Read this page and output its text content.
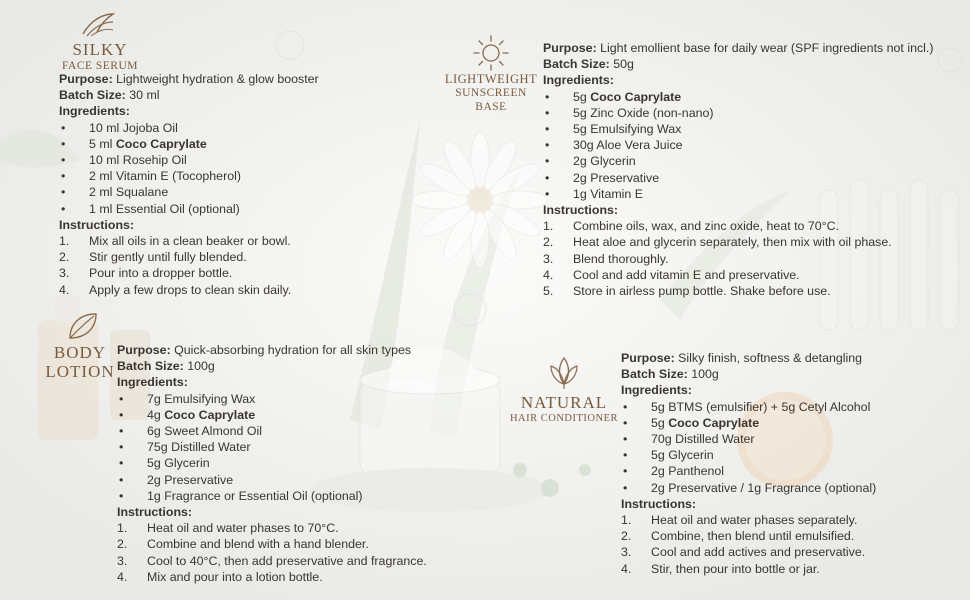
SILKY
FACE SERUM
Purpose: Lightweight hydration & glow booster
Batch Size: 30 ml
Ingredients:
• 10 ml Jojoba Oil
• 5 ml Coco Caprylate
• 10 ml Rosehip Oil
• 2 ml Vitamin E (Tocopherol)
• 2 ml Squalane
• 1 ml Essential Oil (optional)
Instructions:
1. Mix all oils in a clean beaker or bowl.
2. Stir gently until fully blended.
3. Pour into a dropper bottle.
4. Apply a few drops to clean skin daily.
LIGHTWEIGHT
SUNSCREEN
BASE
Purpose: Light emollient base for daily wear (SPF ingredients not incl.)
Batch Size: 50g
Ingredients:
• 5g Coco Caprylate
• 5g Zinc Oxide (non-nano)
• 5g Emulsifying Wax
• 30g Aloe Vera Juice
• 2g Glycerin
• 2g Preservative
• 1g Vitamin E
Instructions:
1. Combine oils, wax, and zinc oxide, heat to 70°C.
2. Heat aloe and glycerin separately, then mix with oil phase.
3. Blend thoroughly.
4. Cool and add vitamin E and preservative.
5. Store in airless pump bottle. Shake before use.
BODY
LOTION
Purpose: Quick-absorbing hydration for all skin types
Batch Size: 100g
Ingredients:
• 7g Emulsifying Wax
• 4g Coco Caprylate
• 6g Sweet Almond Oil
• 75g Distilled Water
• 5g Glycerin
• 2g Preservative
• 1g Fragrance or Essential Oil (optional)
Instructions:
1. Heat oil and water phases to 70°C.
2. Combine and blend with a hand blender.
3. Cool to 40°C, then add preservative and fragrance.
4. Mix and pour into a lotion bottle.
NATURAL
HAIR CONDITIONER
Purpose: Silky finish, softness & detangling
Batch Size: 100g
Ingredients:
• 5g BTMS (emulsifier) + 5g Cetyl Alcohol
• 5g Coco Caprylate
• 70g Distilled Water
• 5g Glycerin
• 2g Panthenol
• 2g Preservative / 1g Fragrance (optional)
Instructions:
1. Heat oil and water phases separately.
2. Combine, then blend until emulsified.
3. Cool and add actives and preservative.
4. Stir, then pour into bottle or jar.
